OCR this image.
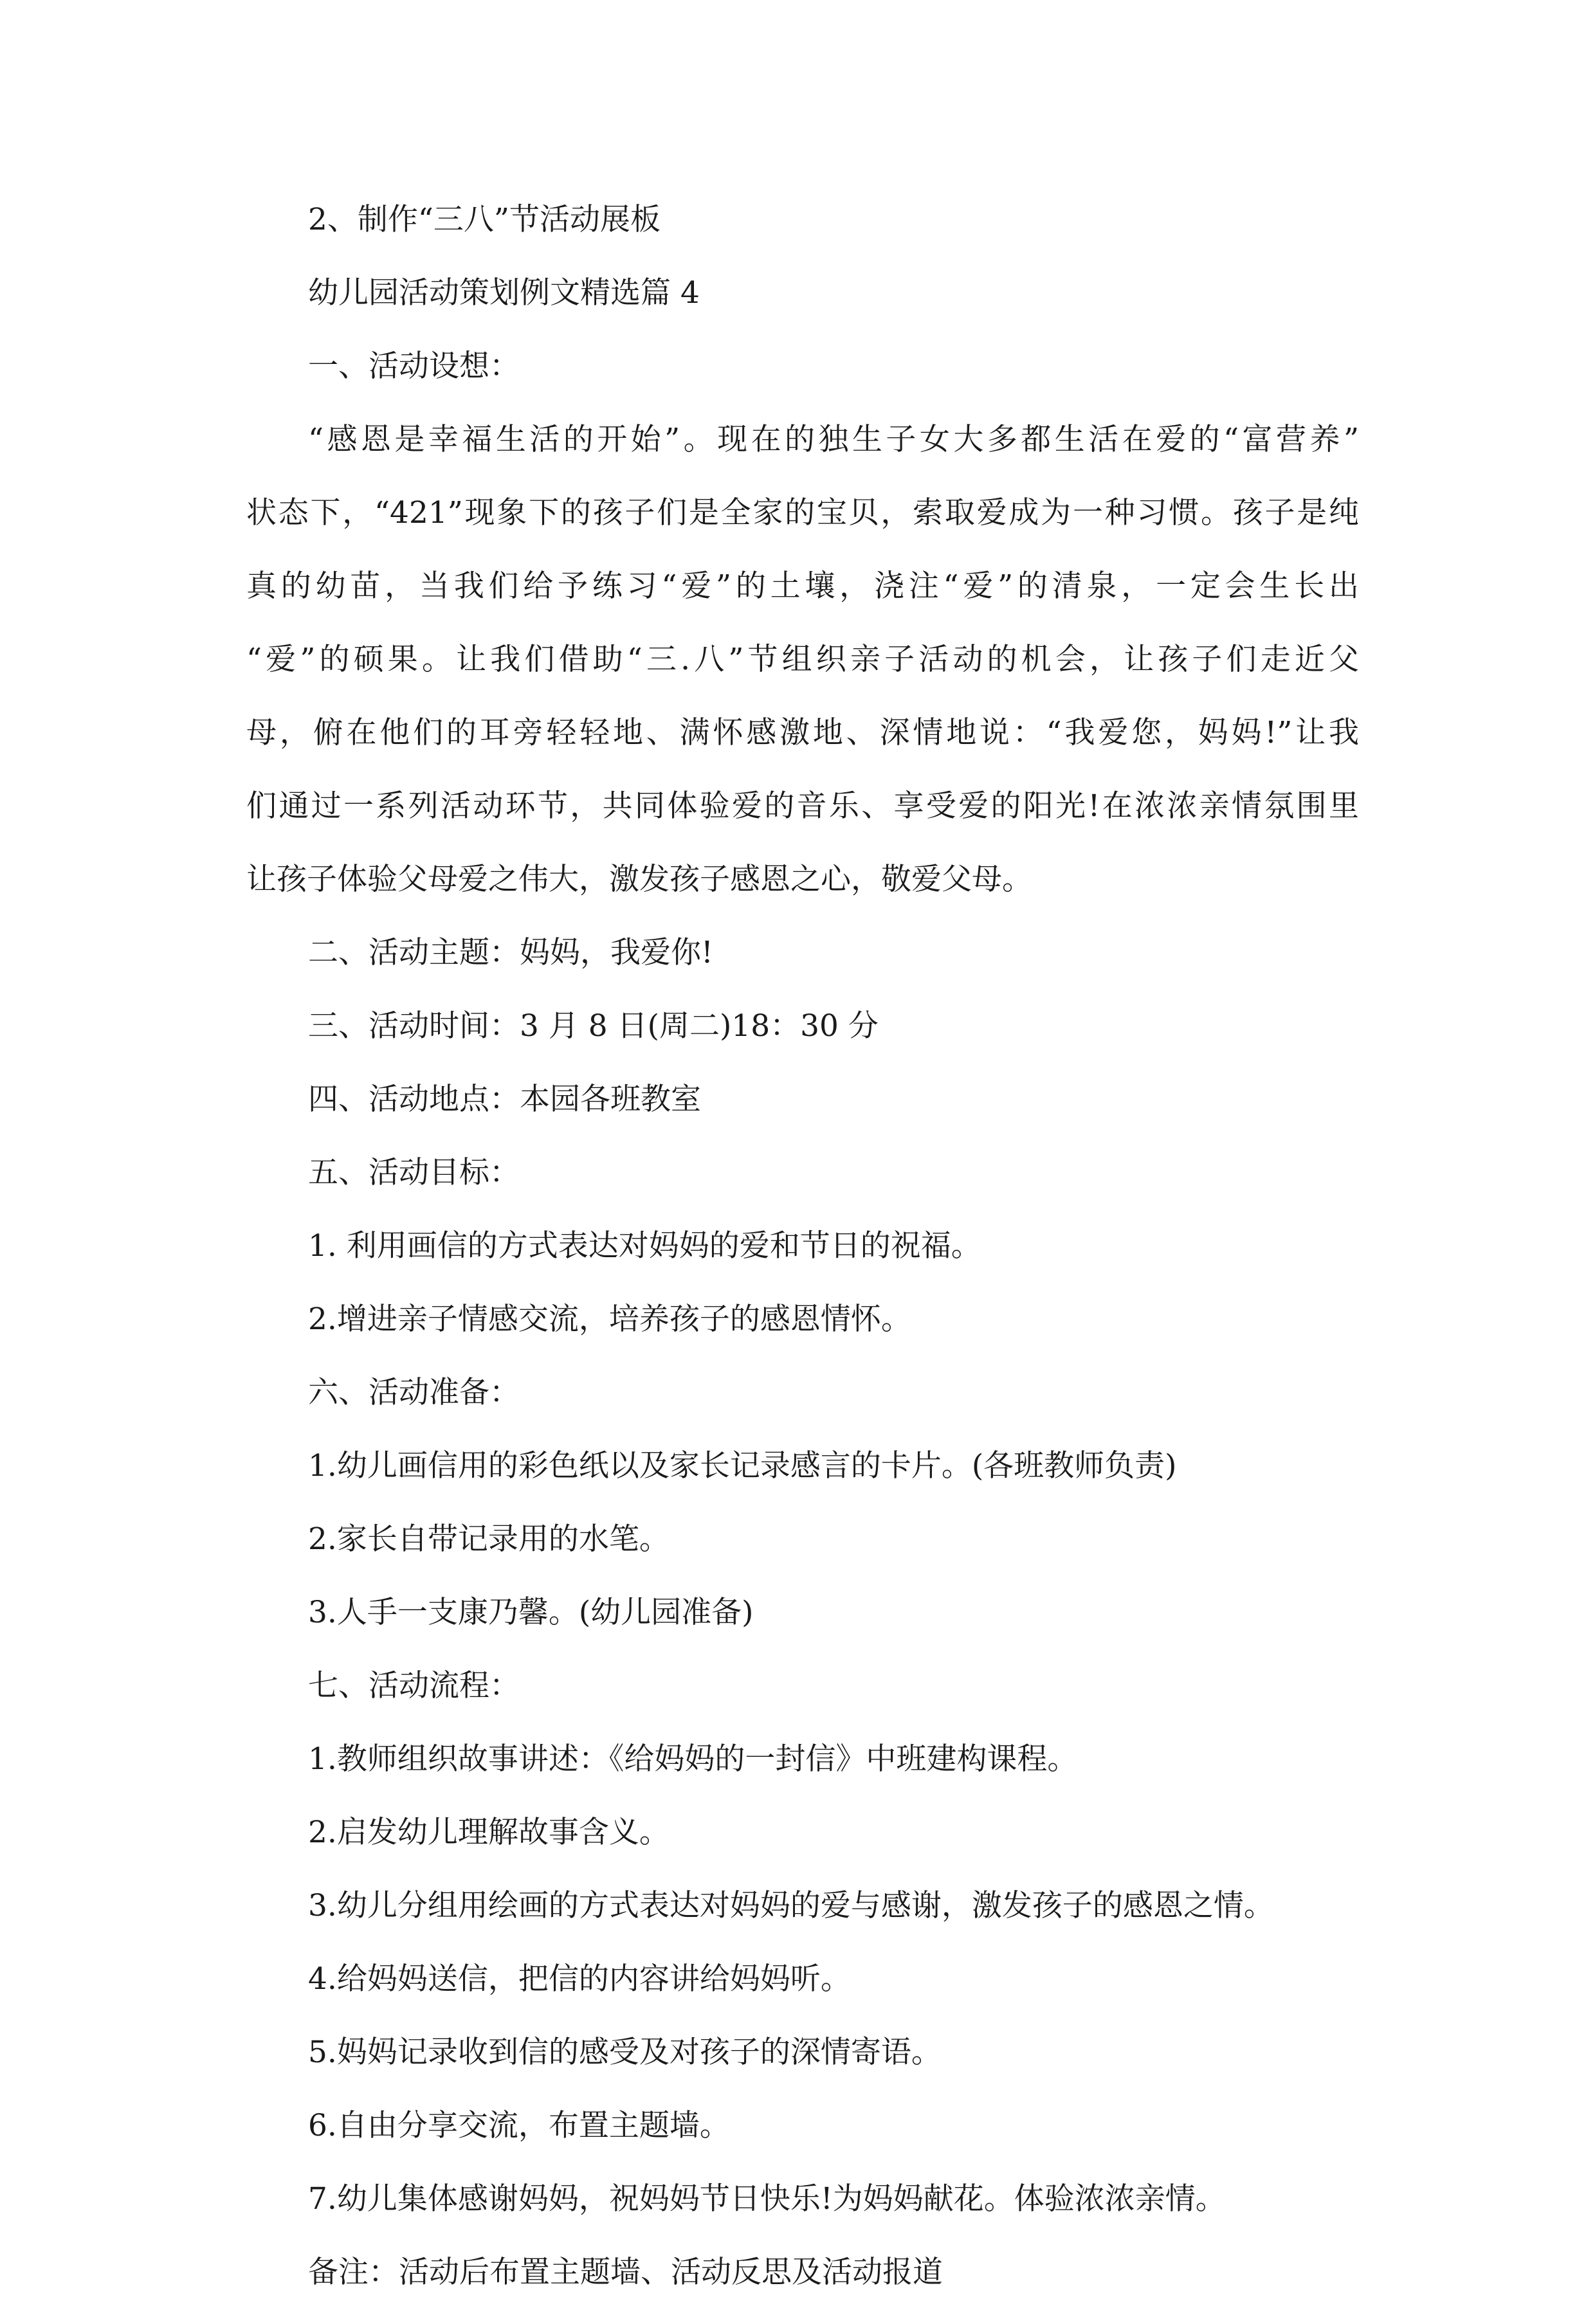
2、制作“三八”节活动展板
幼儿园活动策划例文精选篇 4
一、活动设想：
“感恩是幸福生活的开始”。现在的独生子女大多都生活在爱的“富营养”
状态下，“421”现象下的孩子们是全家的宝贝，索取爱成为一种习惯。孩子是纯
真的幼苗，当我们给予练习“爱”的土壤，浇注“爱”的清泉，一定会生长出
“爱”的硕果。让我们借助“三.八”节组织亲子活动的机会，让孩子们走近父
母，俯在他们的耳旁轻轻地、满怀感激地、深情地说：“我爱您，妈妈!”让我
们通过一系列活动环节，共同体验爱的音乐、享受爱的阳光!在浓浓亲情氛围里
让孩子体验父母爱之伟大，激发孩子感恩之心，敬爱父母。
二、活动主题：妈妈，我爱你!
三、活动时间：3 月 8 日(周二)18：30 分
四、活动地点：本园各班教室
五、活动目标：
1. 利用画信的方式表达对妈妈的爱和节日的祝福。
2.增进亲子情感交流，培养孩子的感恩情怀。
六、活动准备：
1.幼儿画信用的彩色纸以及家长记录感言的卡片。(各班教师负责)
2.家长自带记录用的水笔。
3.人手一支康乃馨。(幼儿园准备)
七、活动流程：
1.教师组织故事讲述：《给妈妈的一封信》中班建构课程。
2.启发幼儿理解故事含义。
3.幼儿分组用绘画的方式表达对妈妈的爱与感谢，激发孩子的感恩之情。
4.给妈妈送信，把信的内容讲给妈妈听。
5.妈妈记录收到信的感受及对孩子的深情寄语。
6.自由分享交流，布置主题墙。
7.幼儿集体感谢妈妈，祝妈妈节日快乐!为妈妈献花。体验浓浓亲情。
备注：活动后布置主题墙、活动反思及活动报道
